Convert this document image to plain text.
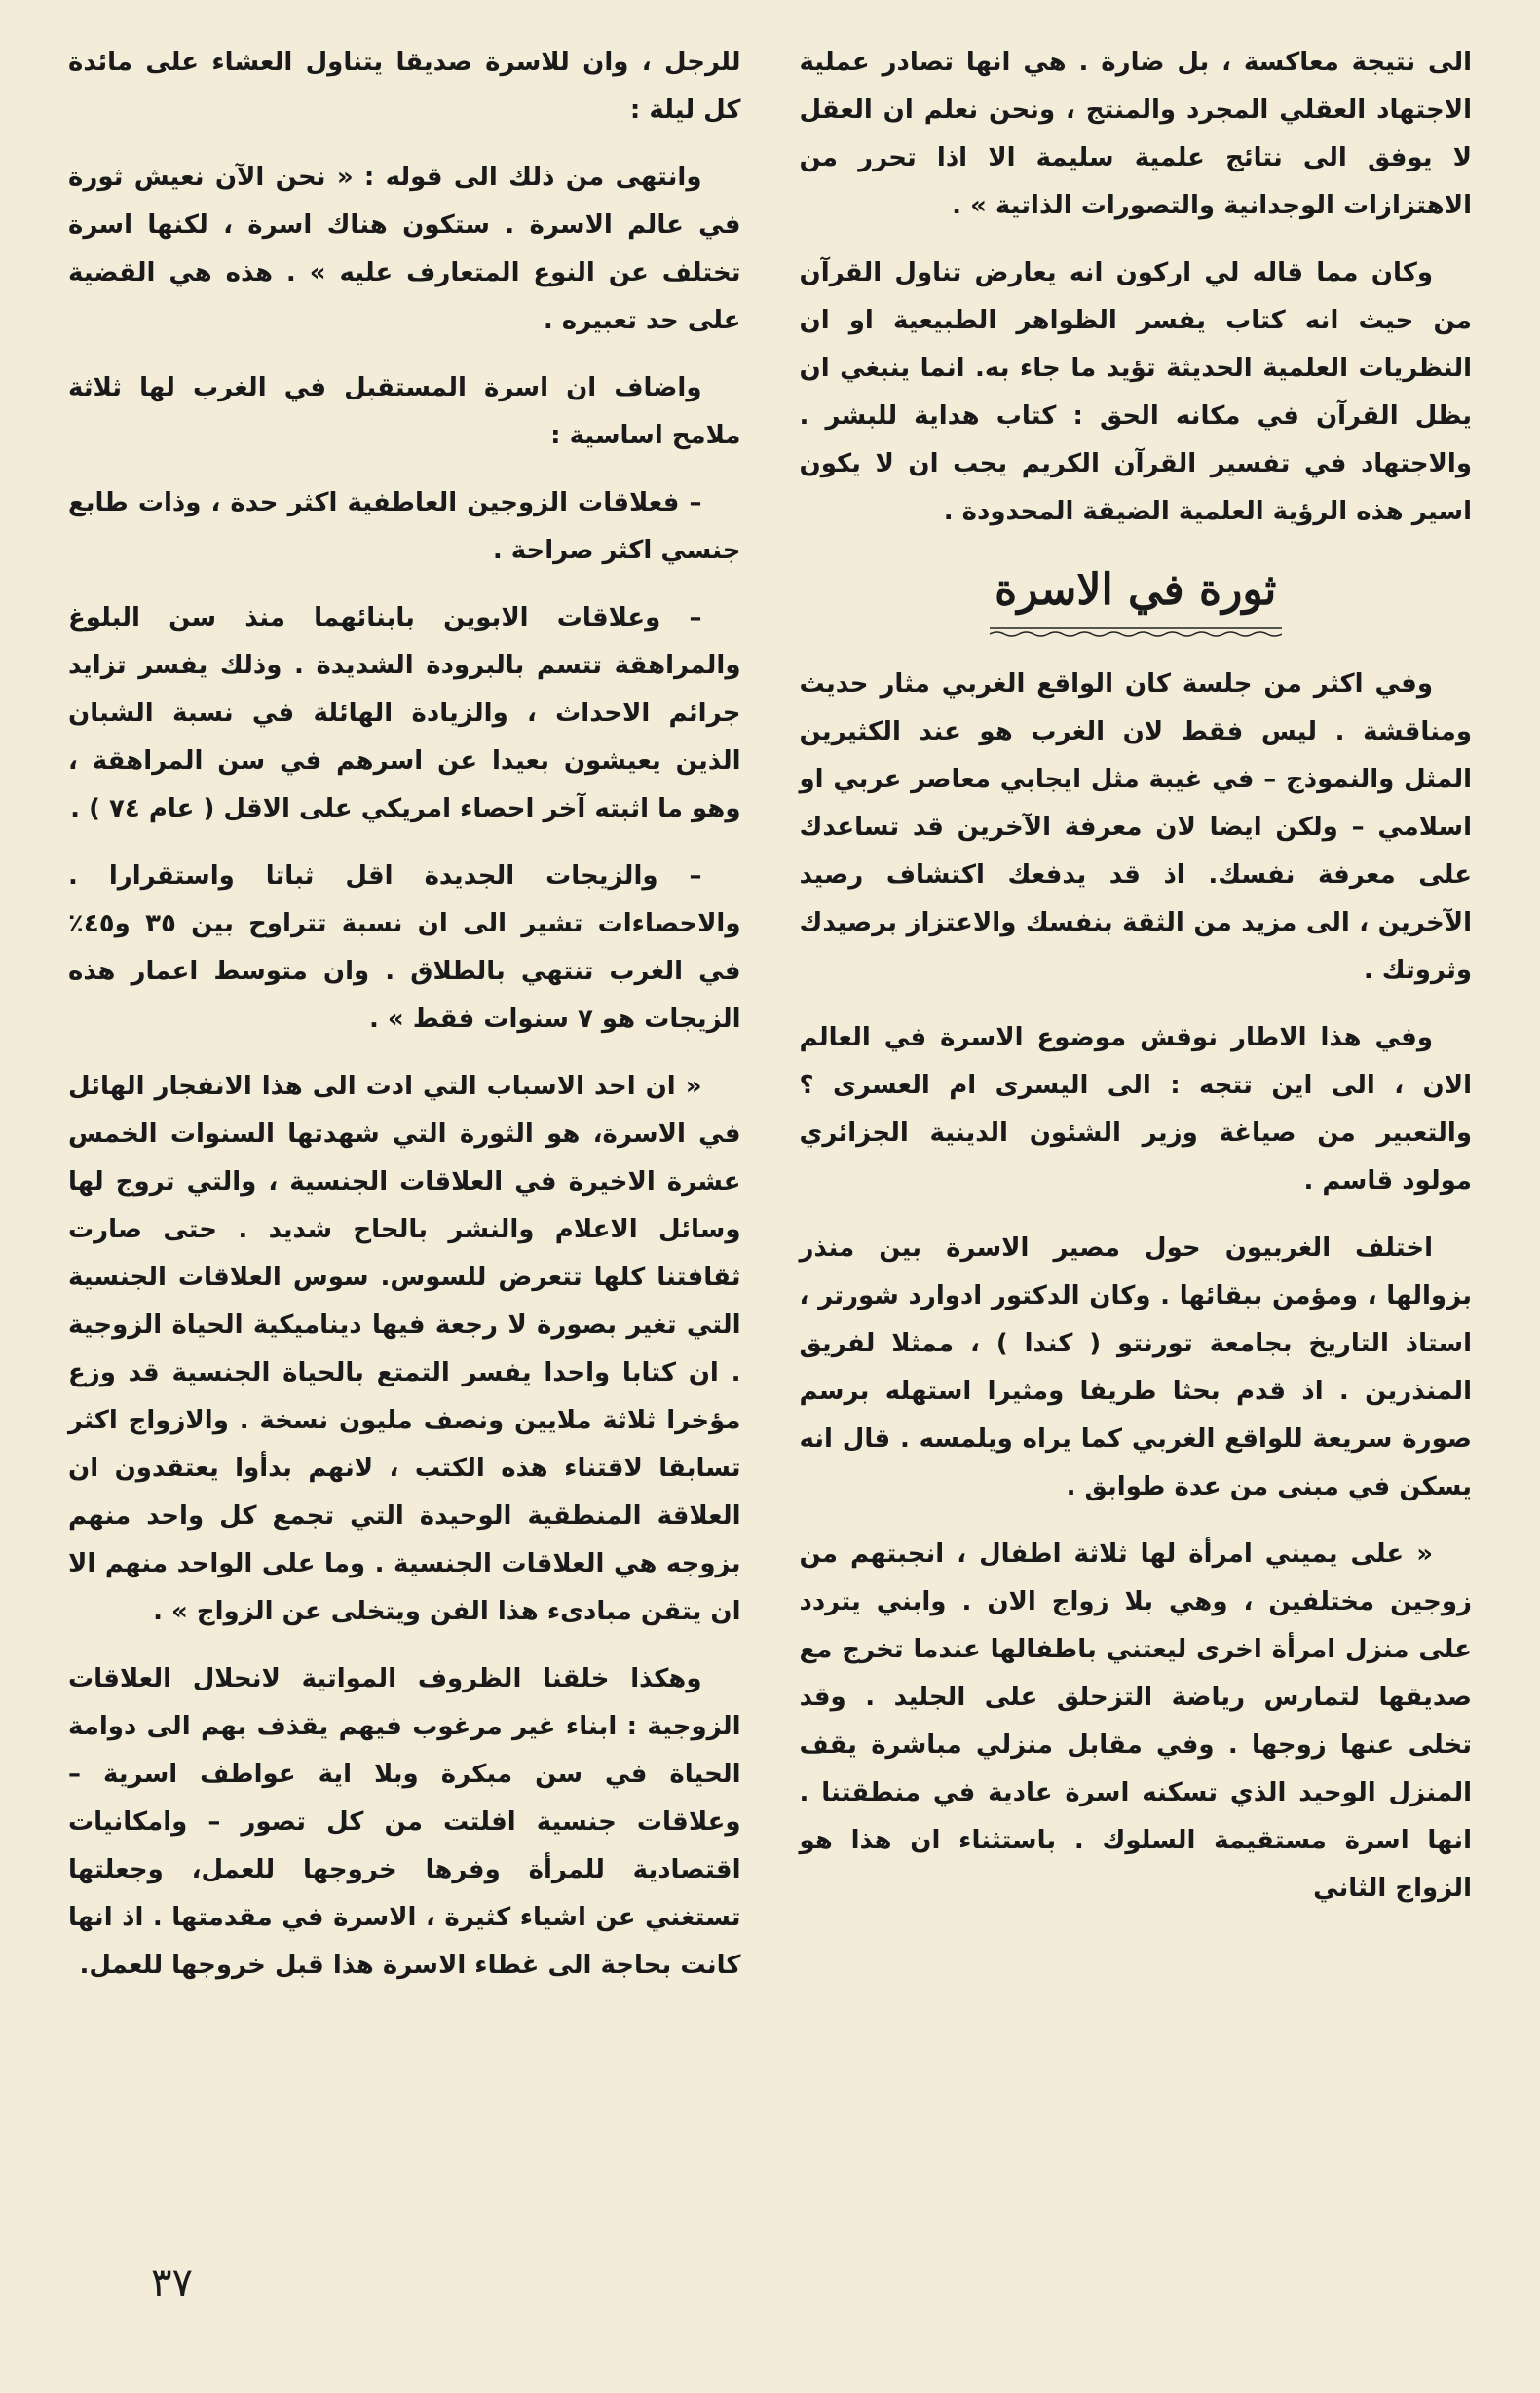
الى نتيجة معاكسة ، بل ضارة . هي انها تصادر عملية الاجتهاد العقلي المجرد والمنتج ، ونحن نعلم ان العقل لا يوفق الى نتائج علمية سليمة الا اذا تحرر من الاهتزازات الوجدانية والتصورات الذاتية » .

وكان مما قاله لي اركون انه يعارض تناول القرآن من حيث انه كتاب يفسر الظواهر الطبيعية او ان النظريات العلمية الحديثة تؤيد ما جاء به. انما ينبغي ان يظل القرآن في مكانه الحق : كتاب هداية للبشر . والاجتهاد في تفسير القرآن الكريم يجب ان لا يكون اسير هذه الرؤية العلمية الضيقة المحدودة .

ثورة في الاسرة

وفي اكثر من جلسة كان الواقع الغربي مثار حديث ومناقشة . ليس فقط لان الغرب هو عند الكثيرين المثل والنموذج – في غيبة مثل ايجابي معاصر عربي او اسلامي – ولكن ايضا لان معرفة الآخرين قد تساعدك على معرفة نفسك. اذ قد يدفعك اكتشاف رصيد الآخرين ، الى مزيد من الثقة بنفسك والاعتزاز برصيدك وثروتك .

وفي هذا الاطار نوقش موضوع الاسرة في العالم الان ، الى اين تتجه : الى اليسرى ام العسرى ؟ والتعبير من صياغة وزير الشئون الدينية الجزائري مولود قاسم .

اختلف الغربيون حول مصير الاسرة بين منذر بزوالها ، ومؤمن ببقائها . وكان الدكتور ادوارد شورتر ، استاذ التاريخ بجامعة تورنتو ( كندا ) ، ممثلا لفريق المنذرين . اذ قدم بحثا طريفا ومثيرا استهله برسم صورة سريعة للواقع الغربي كما يراه ويلمسه . قال انه يسكن في مبنى من عدة طوابق .

« على يميني امرأة لها ثلاثة اطفال ، انجبتهم من زوجين مختلفين ، وهي بلا زواج الان . وابني يتردد على منزل امرأة اخرى ليعتني باطفالها عندما تخرج مع صديقها لتمارس رياضة التزحلق على الجليد . وقد تخلى عنها زوجها . وفي مقابل منزلي مباشرة يقف المنزل الوحيد الذي تسكنه اسرة عادية في منطقتنا . انها اسرة مستقيمة السلوك . باستثناء ان هذا هو الزواج الثاني

للرجل ، وان للاسرة صديقا يتناول العشاء على مائدة كل ليلة :

وانتهى من ذلك الى قوله : « نحن الآن نعيش ثورة في عالم الاسرة . ستكون هناك اسرة ، لكنها اسرة تختلف عن النوع المتعارف عليه » . هذه هي القضية على حد تعبيره .

واضاف ان اسرة المستقبل في الغرب لها ثلاثة ملامح اساسية :

– فعلاقات الزوجين العاطفية اكثر حدة ، وذات طابع جنسي اكثر صراحة .

– وعلاقات الابوين بابنائهما منذ سن البلوغ والمراهقة تتسم بالبرودة الشديدة . وذلك يفسر تزايد جرائم الاحداث ، والزيادة الهائلة في نسبة الشبان الذين يعيشون بعيدا عن اسرهم في سن المراهقة ، وهو ما اثبته آخر احصاء امريكي على الاقل ( عام ٧٤ ) .

– والزيجات الجديدة اقل ثباتا واستقرارا . والاحصاءات تشير الى ان نسبة تتراوح بين ٣٥ و٤٥٪ في الغرب تنتهي بالطلاق . وان متوسط اعمار هذه الزيجات هو ٧ سنوات فقط » .

« ان احد الاسباب التي ادت الى هذا الانفجار الهائل في الاسرة، هو الثورة التي شهدتها السنوات الخمس عشرة الاخيرة في العلاقات الجنسية ، والتي تروج لها وسائل الاعلام والنشر بالحاح شديد . حتى صارت ثقافتنا كلها تتعرض للسوس. سوس العلاقات الجنسية التي تغير بصورة لا رجعة فيها ديناميكية الحياة الزوجية . ان كتابا واحدا يفسر التمتع بالحياة الجنسية قد وزع مؤخرا ثلاثة ملايين ونصف مليون نسخة . والازواج اكثر تسابقا لاقتناء هذه الكتب ، لانهم بدأوا يعتقدون ان العلاقة المنطقية الوحيدة التي تجمع كل واحد منهم بزوجه هي العلاقات الجنسية . وما على الواحد منهم الا ان يتقن مبادىء هذا الفن ويتخلى عن الزواج » .

وهكذا خلقنا الظروف المواتية لانحلال العلاقات الزوجية : ابناء غير مرغوب فيهم يقذف بهم الى دوامة الحياة في سن مبكرة وبلا اية عواطف اسرية – وعلاقات جنسية افلتت من كل تصور – وامكانيات اقتصادية للمرأة وفرها خروجها للعمل، وجعلتها تستغني عن اشياء كثيرة ، الاسرة في مقدمتها . اذ انها كانت بحاجة الى غطاء الاسرة هذا قبل خروجها للعمل.

٣٧
